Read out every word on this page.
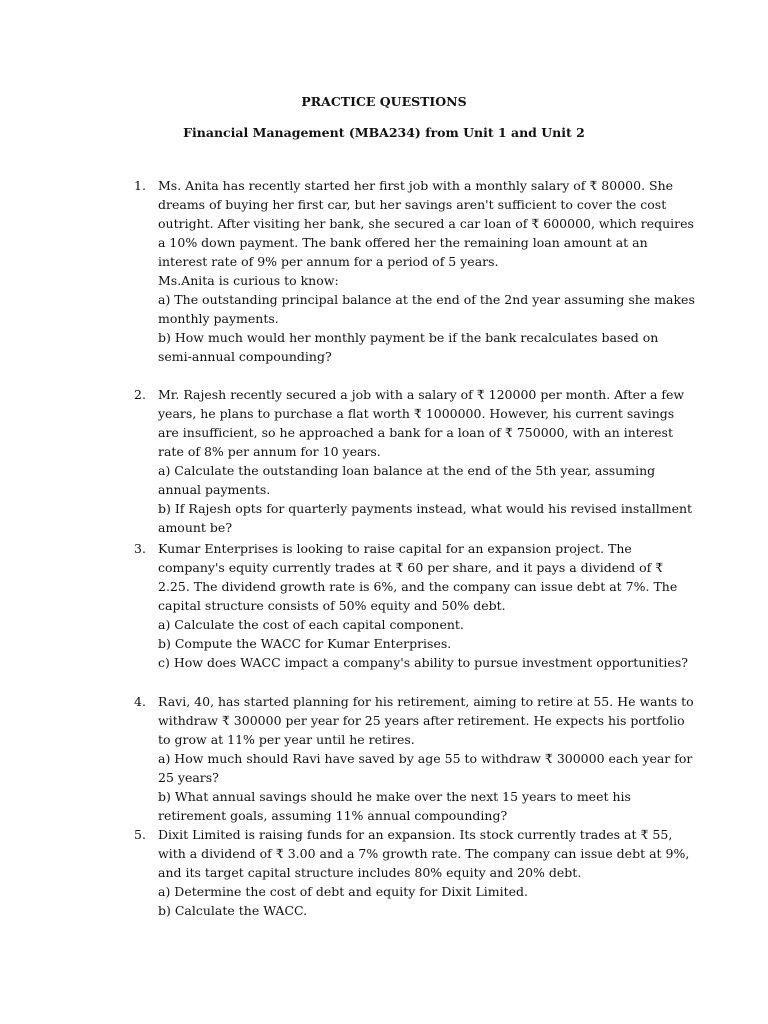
PRACTICE QUESTIONS
Financial Management (MBA234) from Unit 1 and Unit 2
1. Ms. Anita has recently started her first job with a monthly salary of ₹ 80000. She
dreams of buying her first car, but her savings aren't sufficient to cover the cost
outright. After visiting her bank, she secured a car loan of ₹ 600000, which requires
a 10% down payment. The bank offered her the remaining loan amount at an
interest rate of 9% per annum for a period of 5 years.
Ms.Anita is curious to know:
a) The outstanding principal balance at the end of the 2nd year assuming she makes
monthly payments.
b) How much would her monthly payment be if the bank recalculates based on
semi-annual compounding?
2. Mr. Rajesh recently secured a job with a salary of ₹ 120000 per month. After a few
years, he plans to purchase a flat worth ₹ 1000000. However, his current savings
are insufficient, so he approached a bank for a loan of ₹ 750000, with an interest
rate of 8% per annum for 10 years.
a) Calculate the outstanding loan balance at the end of the 5th year, assuming
annual payments.
b) If Rajesh opts for quarterly payments instead, what would his revised installment
amount be?
3. Kumar Enterprises is looking to raise capital for an expansion project. The
company's equity currently trades at ₹ 60 per share, and it pays a dividend of ₹
2.25. The dividend growth rate is 6%, and the company can issue debt at 7%. The
capital structure consists of 50% equity and 50% debt.
a) Calculate the cost of each capital component.
b) Compute the WACC for Kumar Enterprises.
c) How does WACC impact a company's ability to pursue investment opportunities?
4. Ravi, 40, has started planning for his retirement, aiming to retire at 55. He wants to
withdraw ₹ 300000 per year for 25 years after retirement. He expects his portfolio
to grow at 11% per year until he retires.
a) How much should Ravi have saved by age 55 to withdraw ₹ 300000 each year for
25 years?
b) What annual savings should he make over the next 15 years to meet his
retirement goals, assuming 11% annual compounding?
5. Dixit Limited is raising funds for an expansion. Its stock currently trades at ₹ 55,
with a dividend of ₹ 3.00 and a 7% growth rate. The company can issue debt at 9%,
and its target capital structure includes 80% equity and 20% debt.
a) Determine the cost of debt and equity for Dixit Limited.
b) Calculate the WACC.
